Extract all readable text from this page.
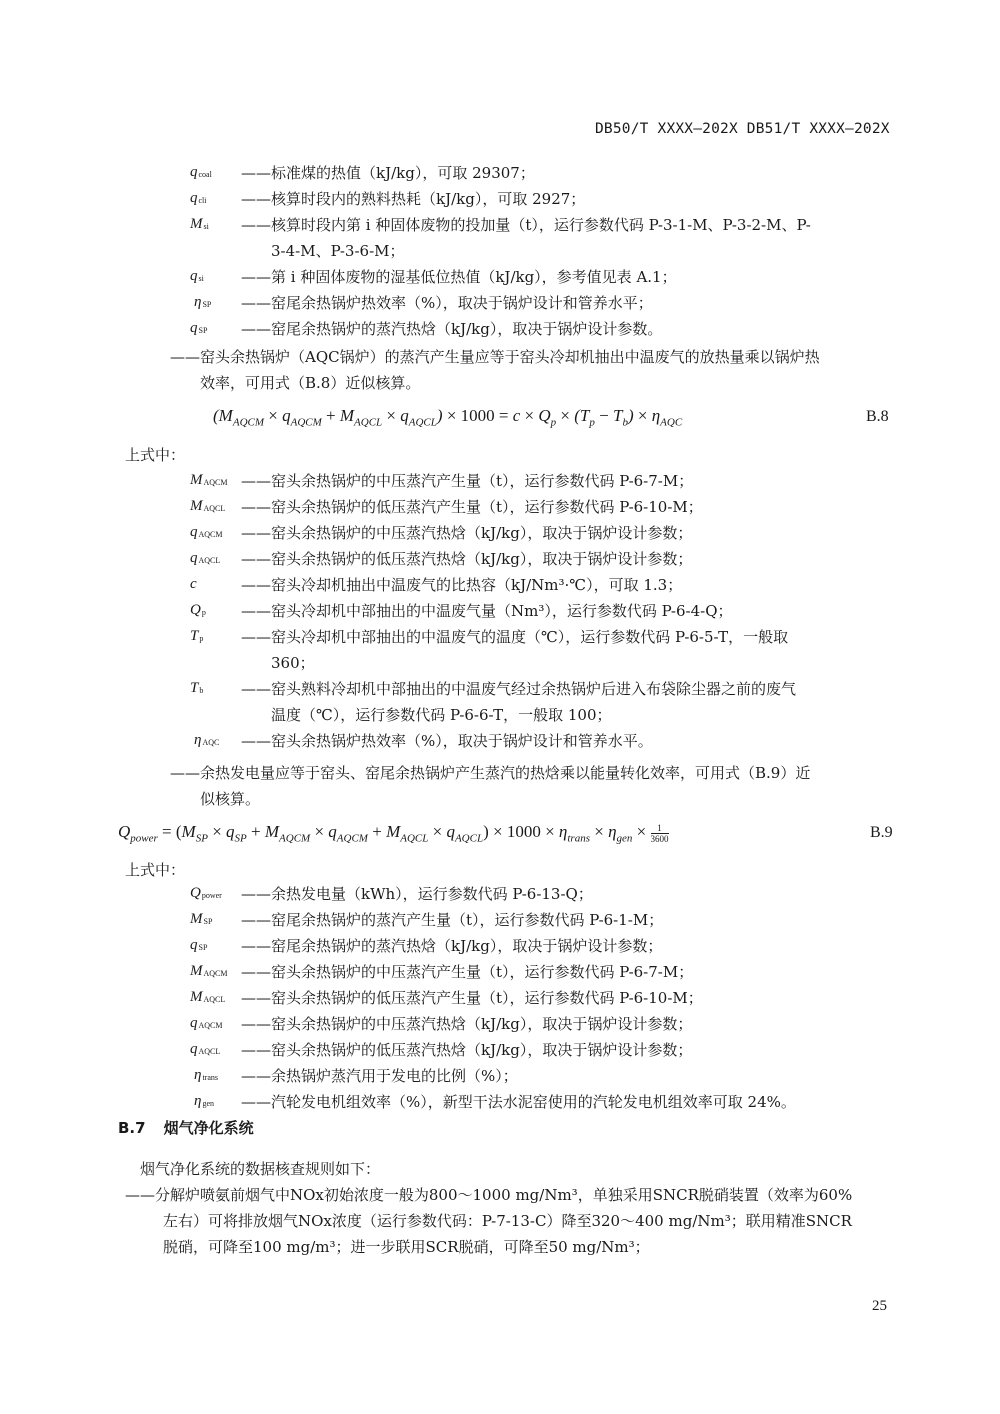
DB50/T XXXX—202X DB51/T XXXX—202X
$q_{coal}$ ——标准煤的热值（kJ/kg），可取 29307；
$q_{cli}$ ——核算时段内的熟料热耗（kJ/kg），可取 2927；
$M_{si}$ ——核算时段内第 i 种固体废物的投加量（t），运行参数代码 P-3-1-M、P-3-2-M、P-
3-4-M、P-3-6-M；
$q_{si}$ ——第 i 种固体废物的湿基低位热值（kJ/kg），参考值见表 A.1；
$\eta_{SP}$ ——窑尾余热锅炉热效率（%），取决于锅炉设计和管养水平；
$q_{SP}$ ——窑尾余热锅炉的蒸汽热焓（kJ/kg），取决于锅炉设计参数。
——窑头余热锅炉（AQC锅炉）的蒸汽产生量应等于窑头冷却机抽出中温废气的放热量乘以锅炉热
效率，可用式（B.8）近似核算。
$(M_{AQCM} \times q_{AQCM} + M_{AQCL} \times q_{AQCL}) \times 1000 = c \times Q_p \times (T_p - T_b) \times \eta_{AQC}$	B.8
上式中：
$M_{AQCM}$ ——窑头余热锅炉的中压蒸汽产生量（t），运行参数代码 P-6-7-M；
$M_{AQCL}$ ——窑头余热锅炉的低压蒸汽产生量（t），运行参数代码 P-6-10-M；
$q_{AQCM}$ ——窑头余热锅炉的中压蒸汽热焓（kJ/kg），取决于锅炉设计参数；
$q_{AQCL}$ ——窑头余热锅炉的低压蒸汽热焓（kJ/kg），取决于锅炉设计参数；
c	——窑头冷却机抽出中温废气的比热容（kJ/Nm³·℃），可取 1.3；
$Q_p$ ——窑头冷却机中部抽出的中温废气量（Nm³），运行参数代码 P-6-4-Q；
$T_p$	——窑头冷却机中部抽出的中温废气的温度（℃），运行参数代码 P-6-5-T，一般取
360；
$T_b$	——窑头熟料冷却机中部抽出的中温废气经过余热锅炉后进入布袋除尘器之前的废气
温度（℃），运行参数代码 P-6-6-T，一般取 100；
$\eta_{AQC}$ ——窑头余热锅炉热效率（%），取决于锅炉设计和管养水平。
——余热发电量应等于窑头、窑尾余热锅炉产生蒸汽的热焓乘以能量转化效率，可用式（B.9）近
似核算。
$Q_{power} = (M_{SP} \times q_{SP} + M_{AQCM} \times q_{AQCM} + M_{AQCL} \times q_{AQCL}) \times 1000 \times \eta_{trans} \times \eta_{gen} \times \frac{1}{3600}$	B.9
上式中：
$Q_{power}$ ——余热发电量（kWh），运行参数代码 P-6-13-Q；
$M_{SP}$ ——窑尾余热锅炉的蒸汽产生量（t），运行参数代码 P-6-1-M；
$q_{SP}$ ——窑尾余热锅炉的蒸汽热焓（kJ/kg），取决于锅炉设计参数；
$M_{AQCM}$ ——窑头余热锅炉的中压蒸汽产生量（t），运行参数代码 P-6-7-M；
$M_{AQCL}$ ——窑头余热锅炉的低压蒸汽产生量（t），运行参数代码 P-6-10-M；
$q_{AQCM}$ ——窑头余热锅炉的中压蒸汽热焓（kJ/kg），取决于锅炉设计参数；
$q_{AQCL}$ ——窑头余热锅炉的低压蒸汽热焓（kJ/kg），取决于锅炉设计参数；
$\eta_{trans}$ ——余热锅炉蒸汽用于发电的比例（%）；
$\eta_{gen}$ ——汽轮发电机组效率（%），新型干法水泥窑使用的汽轮发电机组效率可取 24%。
B.7 烟气净化系统
烟气净化系统的数据核查规则如下：
——分解炉喷氨前烟气中NOx初始浓度一般为800～1000 mg/Nm³，单独采用SNCR脱硝装置（效率为60%
左右）可将排放烟气NOx浓度（运行参数代码：P-7-13-C）降至320～400 mg/Nm³；联用精准SNCR
脱硝，可降至100 mg/m³；进一步联用SCR脱硝，可降至50 mg/Nm³；
25
